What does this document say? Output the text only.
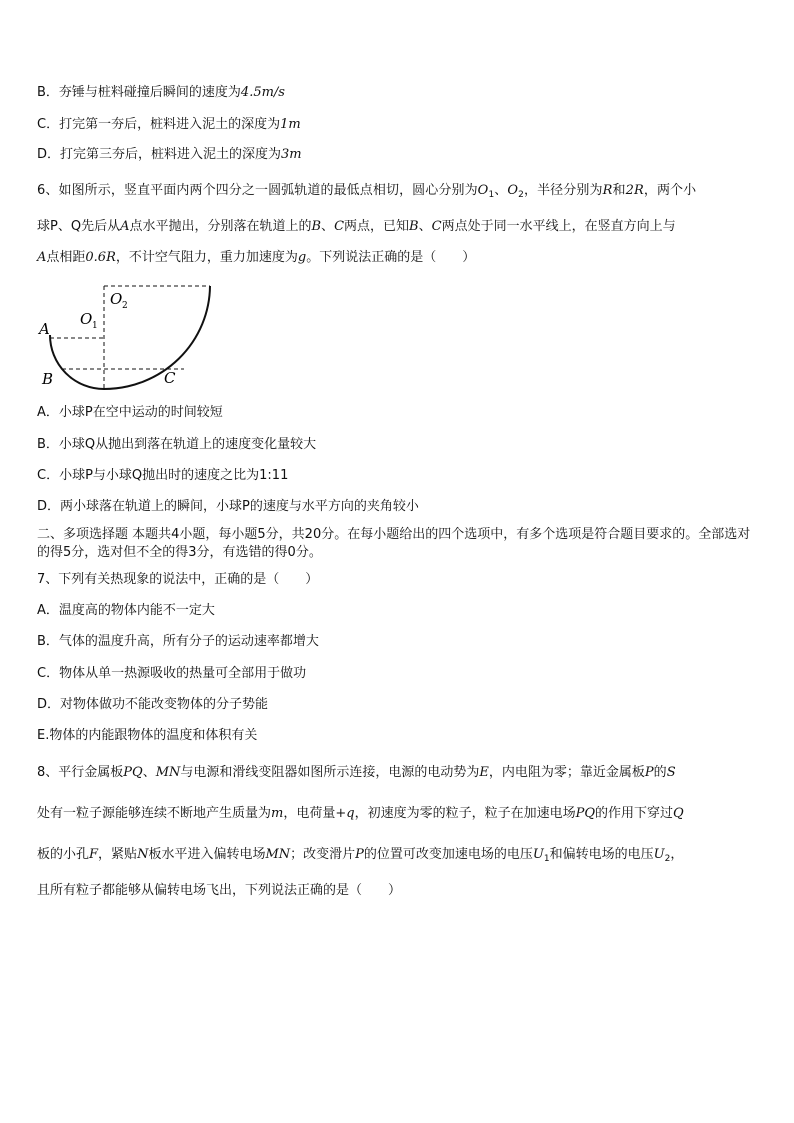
B．夯锤与桩料碰撞后瞬间的速度为4.5m/s
C．打完第一夯后，桩料进入泥土的深度为1m
D．打完第三夯后，桩料进入泥土的深度为3m
6、如图所示，竖直平面内两个四分之一圆弧轨道的最低点相切，圆心分别为$O_1$、$O_2$，半径分别为R和2R，两个小
球P、Q先后从A点水平抛出，分别落在轨道上的B、C两点，已知B、C两点处于同一水平线上，在竖直方向上与
A点相距0.6R，不计空气阻力，重力加速度为g。下列说法正确的是（　　）
A
B	C
O 1
O 2
A．小球P在空中运动的时间较短
B．小球Q从抛出到落在轨道上的速度变化量较大
C．小球P与小球Q抛出时的速度之比为1:11
D．两小球落在轨道上的瞬间，小球P的速度与水平方向的夹角较小
二、多项选择题 本题共4小题，每小题5分，共20分。在每小题给出的四个选项中，有多个选项是符合题目要求的。全部选对的得5分，选对但不全的得3分，有选错的得0分。
7、下列有关热现象的说法中，正确的是（　　）
A．温度高的物体内能不一定大
B．气体的温度升高，所有分子的运动速率都增大
C．物体从单一热源吸收的热量可全部用于做功
D．对物体做功不能改变物体的分子势能
E.物体的内能跟物体的温度和体积有关
8、平行金属板PQ、MN与电源和滑线变阻器如图所示连接，电源的电动势为E，内电阻为零；靠近金属板P的S
处有一粒子源能够连续不断地产生质量为m，电荷量+q，初速度为零的粒子，粒子在加速电场PQ的作用下穿过Q
板的小孔F，紧贴N板水平进入偏转电场MN；改变滑片P的位置可改变加速电场的电压$U_1$和偏转电场的电压$U_2$，
且所有粒子都能够从偏转电场飞出，下列说法正确的是（　　）
